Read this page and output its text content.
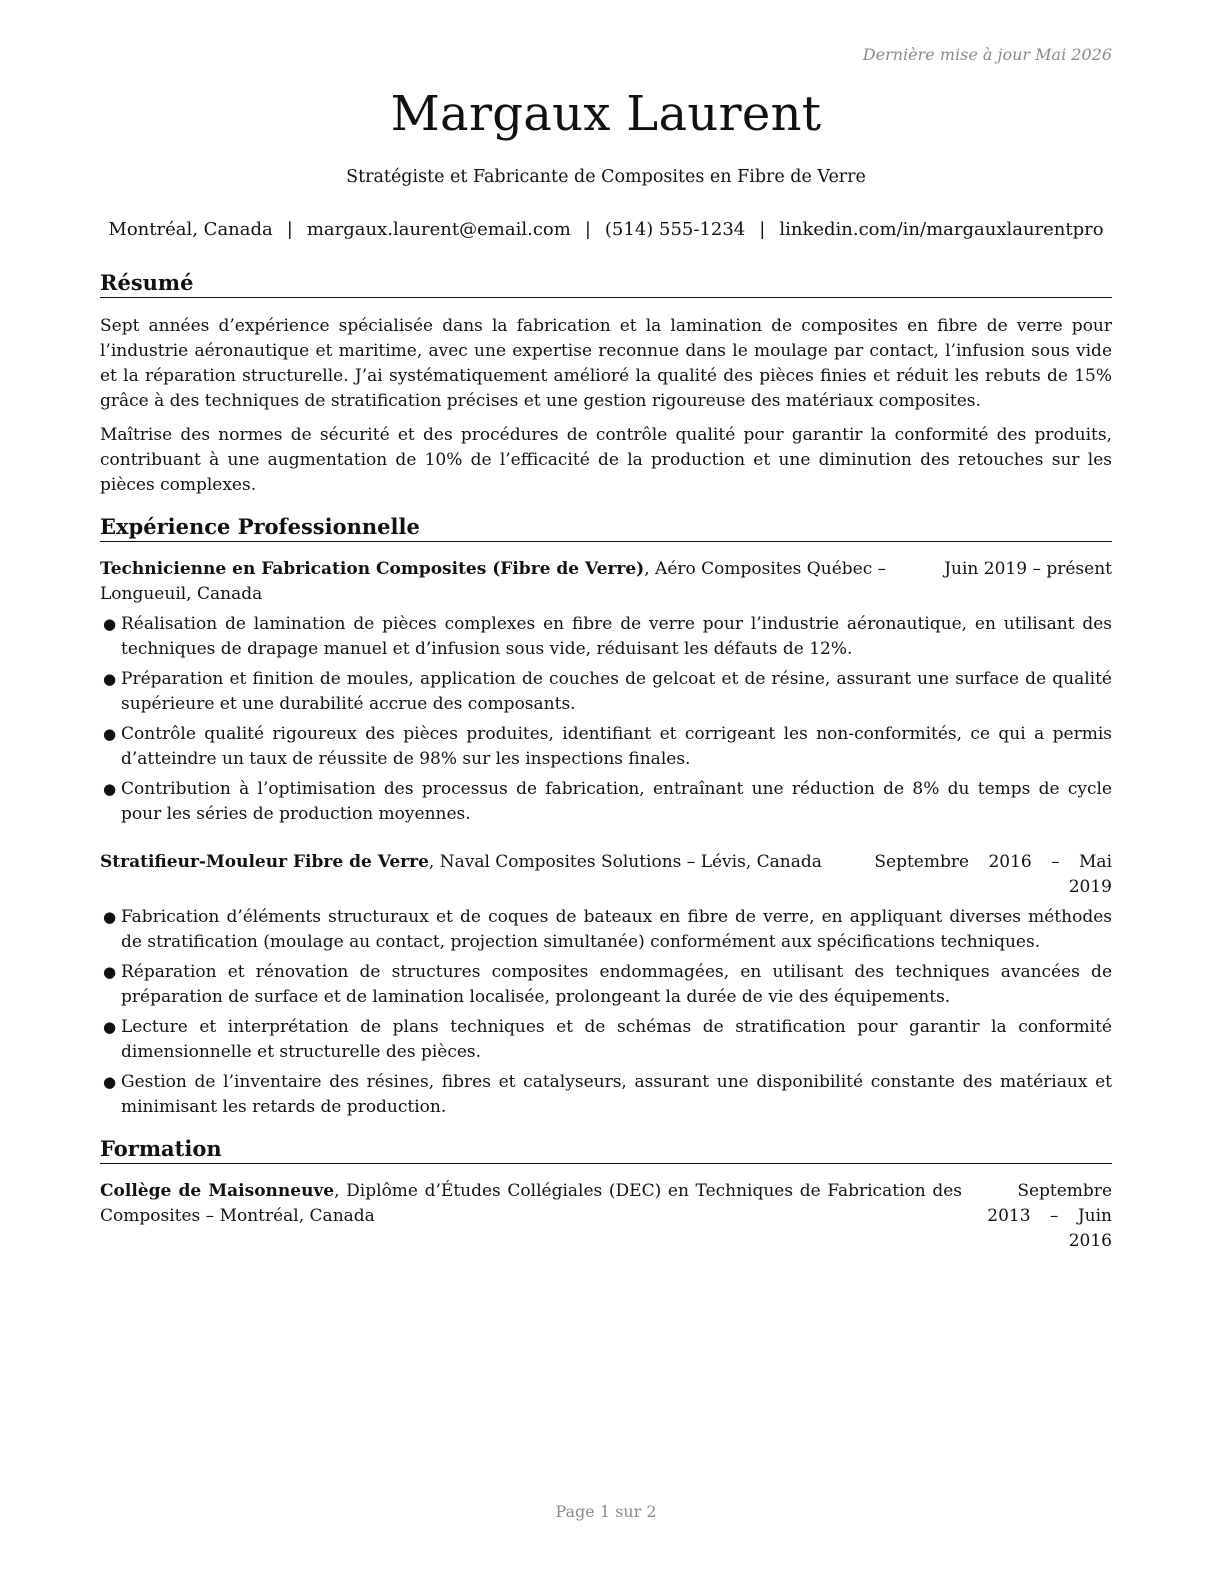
Dernière mise à jour Mai 2026
Margaux Laurent
Stratégiste et Fabricante de Composites en Fibre de Verre
Montréal, Canada | margaux.laurent@email.com | (514) 555-1234 | linkedin.com/in/margauxlaurentpro
Résumé

Sept années d’expérience spécialisée dans la fabrication et la lamination de composites en fibre de verre pour l’industrie aéronautique et maritime, avec une expertise reconnue dans le moulage par contact, l’infusion sous vide et la réparation structurelle. J’ai systématiquement amélioré la qualité des pièces finies et réduit les rebuts de 15% grâce à des techniques de stratification précises et une gestion rigoureuse des matériaux composites.

Maîtrise des normes de sécurité et des procédures de contrôle qualité pour garantir la conformité des produits, contribuant à une augmentation de 10% de l’efficacité de la production et une diminution des retouches sur les pièces complexes.

Expérience Professionnelle
Technicienne en Fabrication Composites (Fibre de Verre), Aéro Composites Québec – Longueuil, Canada
Juin 2019 – présent
● Réalisation de lamination de pièces complexes en fibre de verre pour l’industrie aéronautique, en utilisant des techniques de drapage manuel et d’infusion sous vide, réduisant les défauts de 12%.
● Préparation et finition de moules, application de couches de gelcoat et de résine, assurant une surface de qualité supérieure et une durabilité accrue des composants.
● Contrôle qualité rigoureux des pièces produites, identifiant et corrigeant les non-conformités, ce qui a permis d’atteindre un taux de réussite de 98% sur les inspections finales.
● Contribution à l’optimisation des processus de fabrication, entraînant une réduction de 8% du temps de cycle pour les séries de production moyennes.
Stratifieur-Mouleur Fibre de Verre, Naval Composites Solutions – Lévis, Canada	Septembre 2016 – Mai 2019
● Fabrication d’éléments structuraux et de coques de bateaux en fibre de verre, en appliquant diverses méthodes de stratification (moulage au contact, projection simultanée) conformément aux spécifications techniques.
● Réparation et rénovation de structures composites endommagées, en utilisant des techniques avancées de préparation de surface et de lamination localisée, prolongeant la durée de vie des équipements.
● Lecture et interprétation de plans techniques et de schémas de stratification pour garantir la conformité dimensionnelle et structurelle des pièces.
● Gestion de l’inventaire des résines, fibres et catalyseurs, assurant une disponibilité constante des matériaux et minimisant les retards de production.
Formation
Collège de Maisonneuve, Diplôme d’Études Collégiales (DEC) en Techniques de Fabrication des Composites – Montréal, Canada
Septembre 2013 – Juin 2016
Page 1 sur 2
